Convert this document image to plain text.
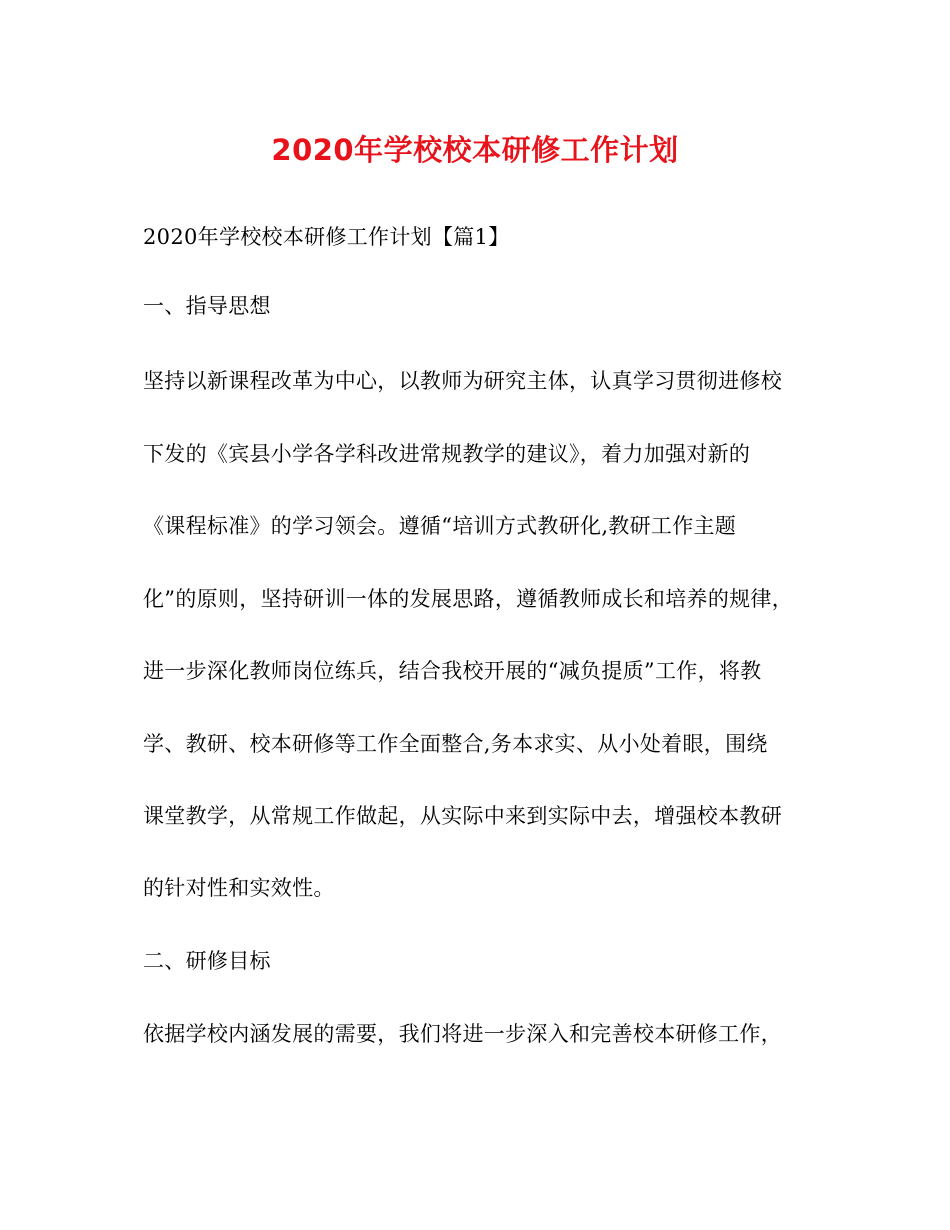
2020年学校校本研修工作计划
2020年学校校本研修工作计划【篇1】
一、指导思想
坚持以新课程改革为中心，以教师为研究主体，认真学习贯彻进修校
下发的《宾县小学各学科改进常规教学的建议》，着力加强对新的
《课程标准》的学习领会。遵循“培训方式教研化,教研工作主题
化”的原则，坚持研训一体的发展思路，遵循教师成长和培养的规律，
进一步深化教师岗位练兵，结合我校开展的“减负提质”工作，将教
学、教研、校本研修等工作全面整合,务本求实、从小处着眼，围绕
课堂教学，从常规工作做起，从实际中来到实际中去，增强校本教研
的针对性和实效性。
二、研修目标
依据学校内涵发展的需要，我们将进一步深入和完善校本研修工作，
